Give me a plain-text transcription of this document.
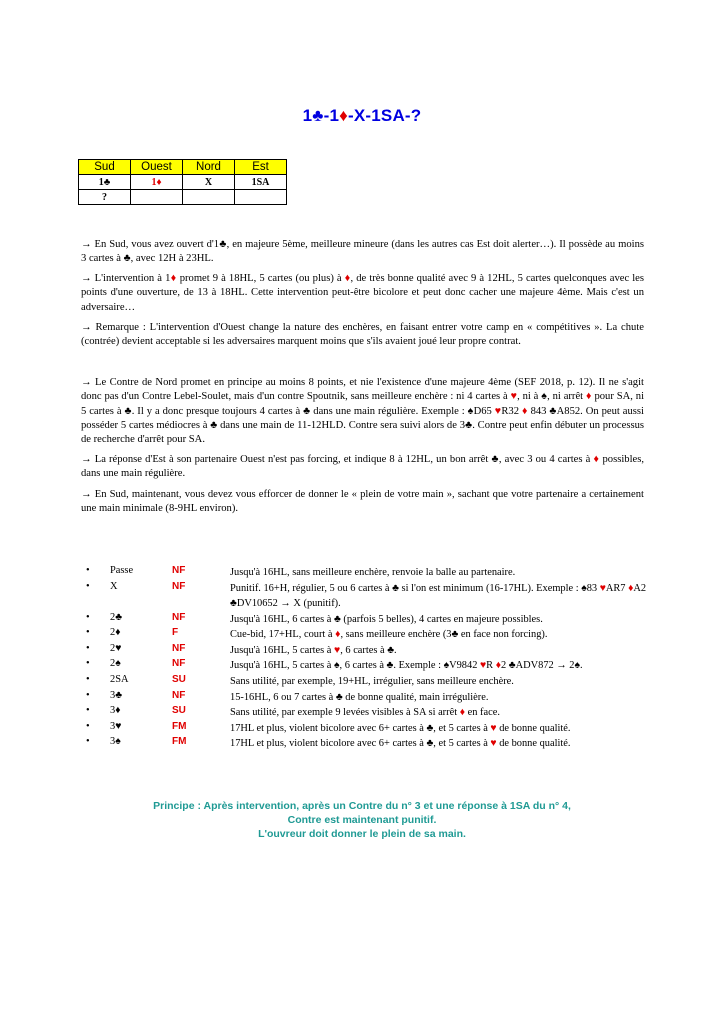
1♣-1♦-X-1SA-?
Sud	Ouest	Nord	Est
1♣	1♦	X	1SA
?			
→ En Sud, vous avez ouvert d'1♣, en majeure 5ème, meilleure mineure (dans les autres cas Est doit alerter…). Il possède au moins 3 cartes à ♣, avec 12H à 23HL.
→ L'intervention à 1♦ promet 9 à 18HL, 5 cartes (ou plus) à ♦, de très bonne qualité avec 9 à 12HL, 5 cartes quelconques avec les points d'une ouverture, de 13 à 18HL. Cette intervention peut-être bicolore et peut donc cacher une majeure 4ème. Mais c'est un adversaire…
→ Remarque : L'intervention d'Ouest change la nature des enchères, en faisant entrer votre camp en « compétitives ». La chute (contrée) devient acceptable si les adversaires marquent moins que s'ils avaient joué leur propre contrat.
→ Le Contre de Nord promet en principe au moins 8 points, et nie l'existence d'une majeure 4ème (SEF 2018, p. 12). Il ne s'agit donc pas d'un Contre Lebel-Soulet, mais d'un contre Spoutnik, sans meilleure enchère : ni 4 cartes à ♥, ni à ♠, ni arrêt ♦ pour SA, ni 5 cartes à ♣. Il y a donc presque toujours 4 cartes à ♣ dans une main régulière. Exemple : ♠D65 ♥R32 ♦ 843 ♣A852. On peut aussi posséder 5 cartes médiocres à ♣ dans une main de 11-12HLD. Contre sera suivi alors de 3♣. Contre peut enfin débuter un processus de recherche d'arrêt pour SA.
→ La réponse d'Est à son partenaire Ouest n'est pas forcing, et indique 8 à 12HL, un bon arrêt ♣, avec 3 ou 4 cartes à ♦ possibles, dans une main régulière.
→ En Sud, maintenant, vous devez vous efforcer de donner le « plein de votre main », sachant que votre partenaire a certainement une main minimale (8-9HL environ).
• Passe	NF	Jusqu'à 16HL, sans meilleure enchère, renvoie la balle au partenaire.
• X	NF	Punitif. 16+H, régulier, 5 ou 6 cartes à ♣ si l'on est minimum (16-17HL). Exemple : ♠83 ♥AR7 ♦A2 ♣DV10652 → X (punitif).
• 2♣	NF	Jusqu'à 16HL, 6 cartes à ♣ (parfois 5 belles), 4 cartes en majeure possibles.
• 2♦	F	Cue-bid, 17+HL, court à ♦, sans meilleure enchère (3♣ en face non forcing).
• 2♥	NF	Jusqu'à 16HL, 5 cartes à ♥, 6 cartes à ♣.
• 2♠	NF	Jusqu'à 16HL, 5 cartes à ♠, 6 cartes à ♣. Exemple : ♠V9842 ♥R ♦2 ♣ADV872 → 2♠.
• 2SA	SU	Sans utilité, par exemple, 19+HL, irrégulier, sans meilleure enchère.
• 3♣	NF	15-16HL, 6 ou 7 cartes à ♣ de bonne qualité, main irrégulière.
• 3♦	SU	Sans utilité, par exemple 9 levées visibles à SA si arrêt ♦ en face.
• 3♥	FM	17HL et plus, violent bicolore avec 6+ cartes à ♣, et 5 cartes à ♥ de bonne qualité.
• 3♠	FM	17HL et plus, violent bicolore avec 6+ cartes à ♣, et 5 cartes à ♥ de bonne qualité.
Principe : Après intervention, après un Contre du n° 3 et une réponse à 1SA du n° 4,
Contre est maintenant punitif.
L'ouvreur doit donner le plein de sa main.
